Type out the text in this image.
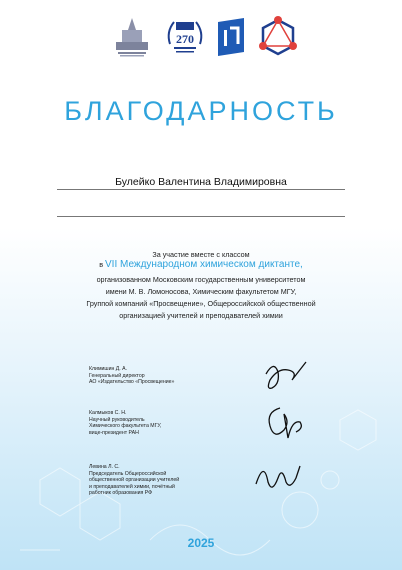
270
БЛАГОДАРНОСТЬ
Булейко Валентина Владимировна
За участие вместе с классом
в VII Международном химическом диктанте,
организованном Московским государственным университетом
имени М. В. Ломоносова, Химическим факультетом МГУ,
Группой компаний «Просвещение», Общероссийской общественной
организацией учителей и преподавателей химии
Климишин Д. А.
Генеральный директор
АО «Издательство «Просвещение»
Калмыков С. Н.
Научный руководитель
Химического факультета МГУ,
вице-президент РАН
Левина Л. С.
Председатель Общероссийской
общественной организации учителей
и преподавателей химии, почётный
работник образования РФ
2025
